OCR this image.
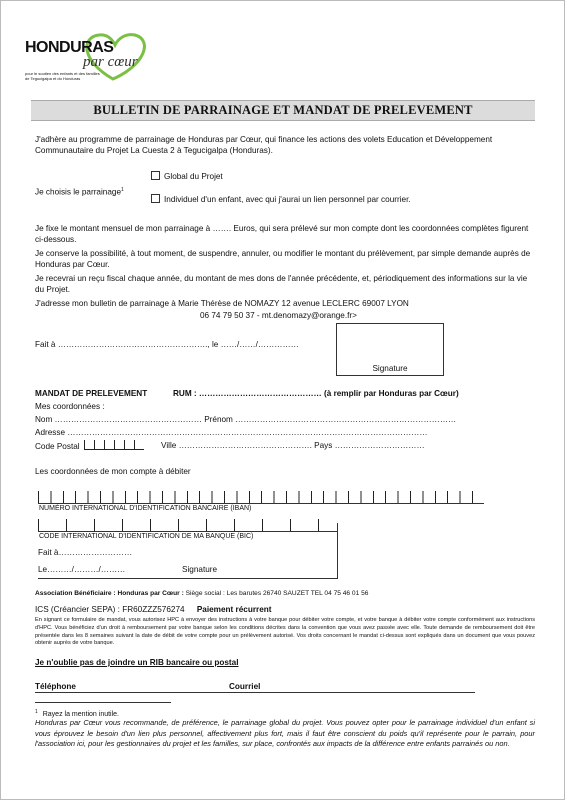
HONDURAS
par cœur
pour le soutien des enfants et des familles de Tegucigalpa et du Honduras
BULLETIN DE PARRAINAGE ET MANDAT DE PRELEVEMENT
J'adhère au programme de parrainage de Honduras par Cœur, qui finance les actions des volets Education et Développement Communautaire du Projet La Cuesta 2 à Tegucigalpa (Honduras).
Je choisis le parrainage$^1$
Global du Projet
Individuel d'un enfant, avec qui j'aurai un lien personnel par courrier.
Je fixe le montant mensuel de mon parrainage à ……. Euros, qui sera prélevé sur mon compte dont les coordonnées complètes figurent ci-dessous.
Je conserve la possibilité, à tout moment, de suspendre, annuler, ou modifier le montant du prélèvement, par simple demande auprès de Honduras par Cœur.
Je recevrai un reçu fiscal chaque année, du montant de mes dons de l'année précédente, et, périodiquement des informations sur la vie du Projet.
J'adresse mon bulletin de parrainage à Marie Thérèse de NOMAZY 12 avenue LECLERC 69007 LYON
06 74 79 50 37 - mt.denomazy@orange.fr>
Fait à ………………………………………………., le ……/……/……………
Signature
MANDAT DE PRELEVEMENT	RUM : ……………………………………… (à remplir par Honduras par Cœur)
Mes coordonnées :
Nom ……………………………………………… Prénom ………………………………………………………………………
Adresse ……………………………………………………………………………………………………………………
Code Postal	Ville …………………………………………. Pays ……………………………
Les coordonnées de mon compte à débiter
NUMÉRO INTERNATIONAL D'IDENTIFICATION BANCAIRE (IBAN)
CODE INTERNATIONAL D'IDENTIFICATION DE MA BANQUE (BIC)
Fait à………………………
Le………/………/………	Signature
Association Bénéficiaire : Honduras par Cœur : Siège social : Les barutes 26740 SAUZET TEL 04 75 46 01 56
ICS (Créancier SEPA) : FR60ZZZ576274 Paiement récurrent
En signant ce formulaire de mandat, vous autorisez HPC à envoyer des instructions à votre banque pour débiter votre compte, et votre banque à débiter votre compte conformément aux instructions d'HPC. Vous bénéficiez d'un droit à remboursement par votre banque selon les conditions décrites dans la convention que vous avez passée avec elle. Toute demande de remboursement doit être présentée dans les 8 semaines suivant la date de débit de votre compte pour un prélèvement autorisé. Vos droits concernant le mandat ci-dessus sont expliqués dans un document que vous pouvez obtenir auprès de votre banque.
Je n'oublie pas de joindre un RIB bancaire ou postal
Téléphone	Courriel
$^1$ Rayez la mention inutile.
Honduras par Cœur vous recommande, de préférence, le parrainage global du projet. Vous pouvez opter pour le parrainage individuel d'un enfant si vous éprouvez le besoin d'un lien plus personnel, affectivement plus fort, mais il faut être conscient du poids qu'il représente pour le parrain, pour l'association ici, pour les gestionnaires du projet et les familles, sur place, confrontés aux impacts de la différence entre enfants parrainés ou non.
